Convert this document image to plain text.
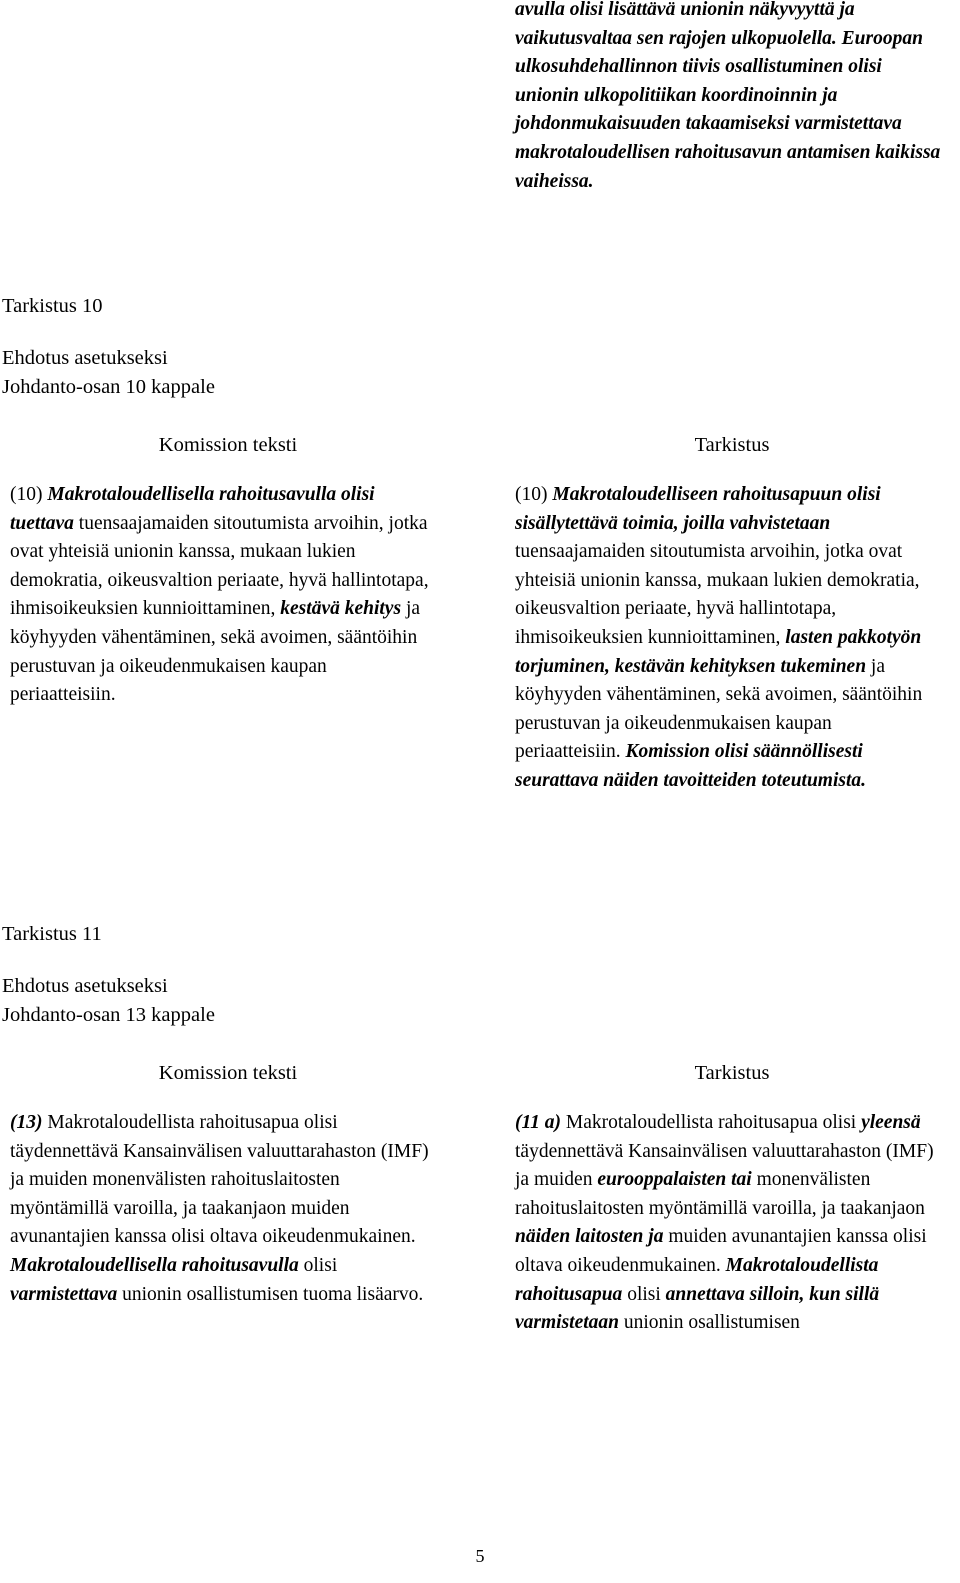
avulla olisi lisättävä unionin näkyvyyttä ja vaikutusvaltaa sen rajojen ulkopuolella. Euroopan ulkosuhdehallinnon tiivis osallistuminen olisi unionin ulkopolitiikan koordinoinnin ja johdonmukaisuuden takaamiseksi varmistettava makrotaloudellisen rahoitusavun antamisen kaikissa vaiheissa.
Tarkistus 10
Ehdotus asetukseksi
Johdanto-osan 10 kappale
Komission teksti	Tarkistus
(10) Makrotaloudellisella rahoitusavulla olisi tuettava tuensaajamaiden sitoutumista arvoihin, jotka ovat yhteisiä unionin kanssa, mukaan lukien demokratia, oikeusvaltion periaate, hyvä hallintotapa, ihmisoikeuksien kunnioittaminen, kestävä kehitys ja köyhyyden vähentäminen, sekä avoimen, sääntöihin perustuvan ja oikeudenmukaisen kaupan periaatteisiin.
(10) Makrotaloudelliseen rahoitusapuun olisi sisällytettävä toimia, joilla vahvistetaan tuensaajamaiden sitoutumista arvoihin, jotka ovat yhteisiä unionin kanssa, mukaan lukien demokratia, oikeusvaltion periaate, hyvä hallintotapa, ihmisoikeuksien kunnioittaminen, lasten pakkotyön torjuminen, kestävän kehityksen tukeminen ja köyhyyden vähentäminen, sekä avoimen, sääntöihin perustuvan ja oikeudenmukaisen kaupan periaatteisiin. Komission olisi säännöllisesti seurattava näiden tavoitteiden toteutumista.
Tarkistus 11
Ehdotus asetukseksi
Johdanto-osan 13 kappale
Komission teksti	Tarkistus
(13) Makrotaloudellista rahoitusapua olisi täydennettävä Kansainvälisen valuuttarahaston (IMF) ja muiden monenvälisten rahoituslaitosten myöntämillä varoilla, ja taakanjaon muiden avunantajien kanssa olisi oltava oikeudenmukainen. Makrotaloudellisella rahoitusavulla olisi varmistettava unionin osallistumisen tuoma lisäarvo.
(11 a) Makrotaloudellista rahoitusapua olisi yleensä täydennettävä Kansainvälisen valuuttarahaston (IMF) ja muiden eurooppalaisten tai monenvälisten rahoituslaitosten myöntämillä varoilla, ja taakanjaon näiden laitosten ja muiden avunantajien kanssa olisi oltava oikeudenmukainen. Makrotaloudellista rahoitusapua olisi annettava silloin, kun sillä varmistetaan unionin osallistumisen
5
